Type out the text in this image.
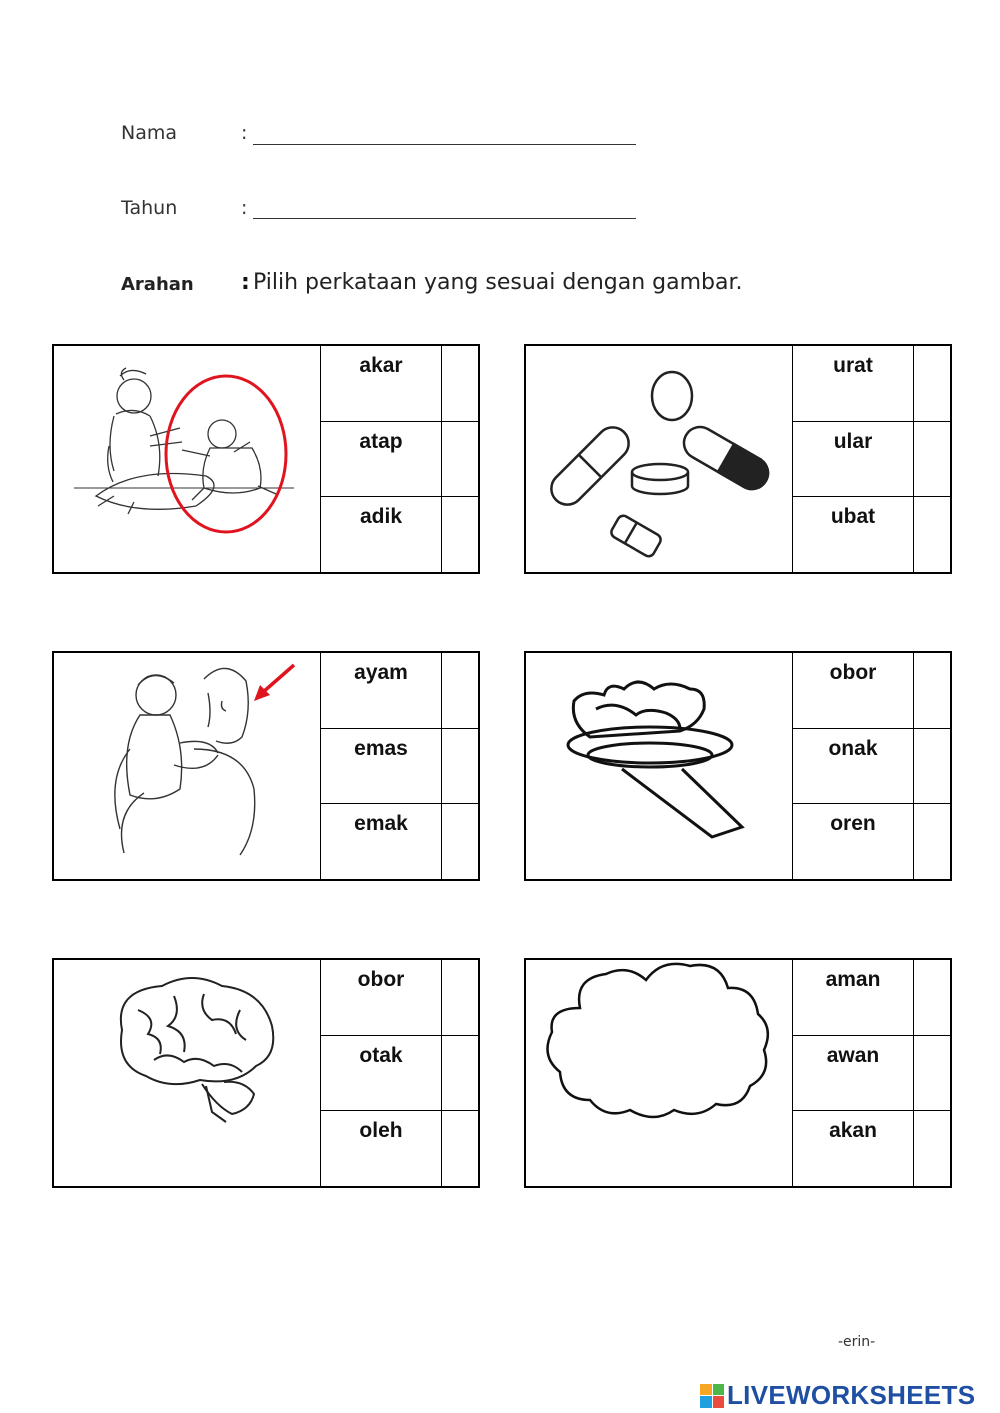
Nama	:
Tahun	:
Arahan : Pilih perkataan yang sesuai dengan gambar.
akar
atap
adik
urat
ular
ubat
ayam
emas
emak
obor
onak
oren
obor
otak
oleh
aman
awan
akan
-erin-
LIVEWORKSHEETS
